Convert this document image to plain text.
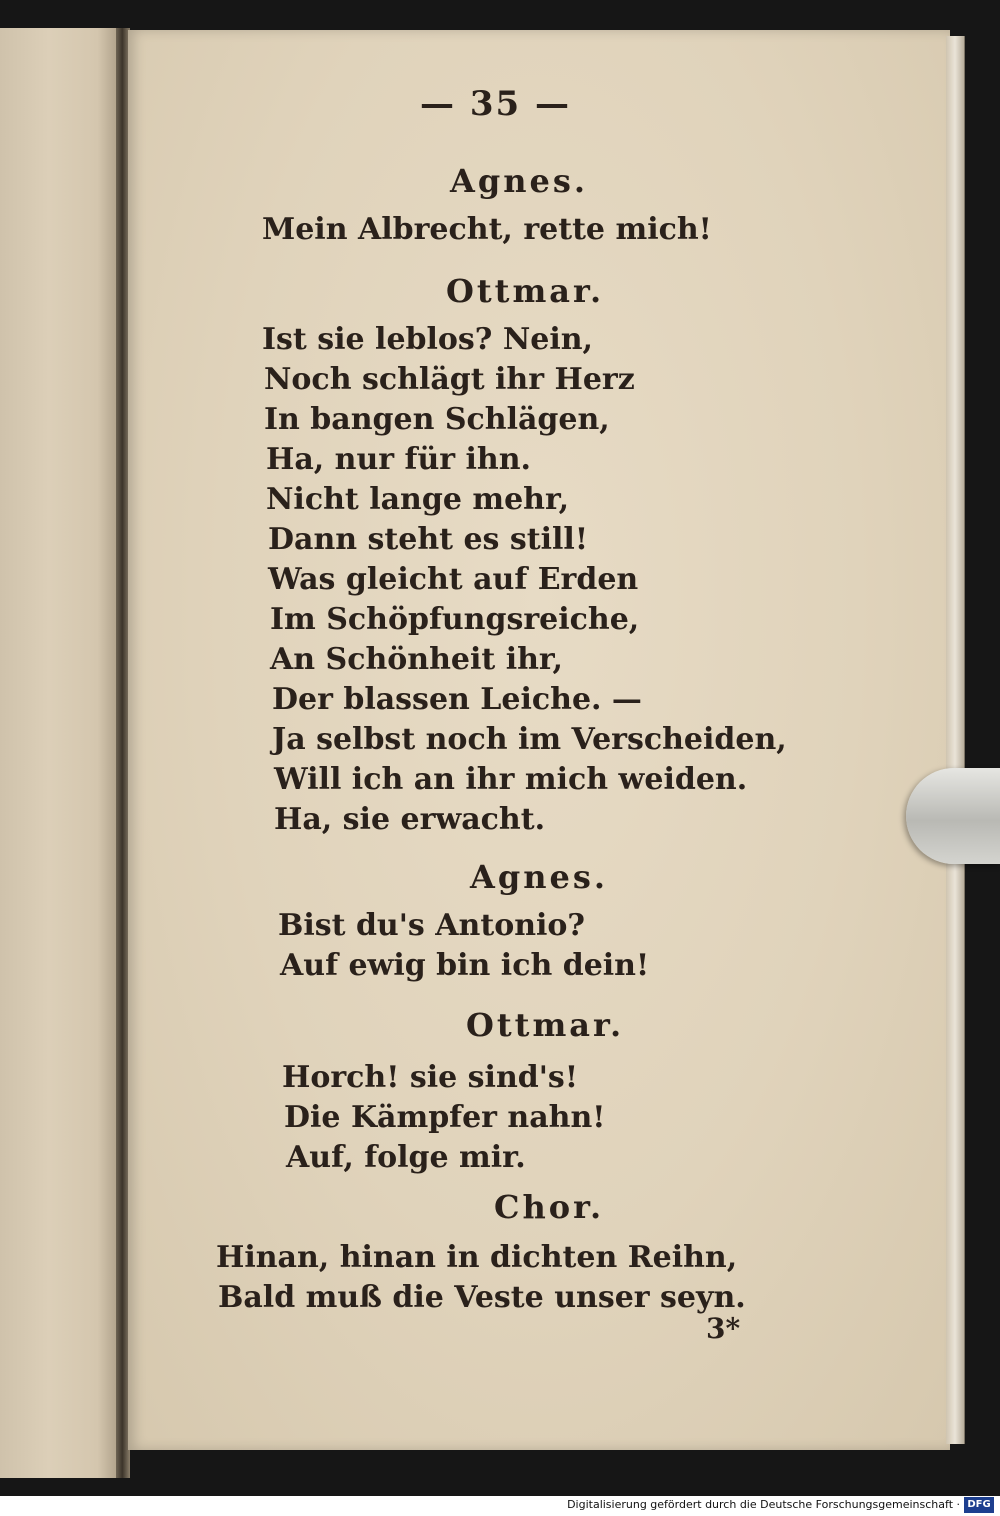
— 35 —
Agnes.
Mein Albrecht, rette mich!
Ottmar.
Ist sie leblos? Nein,
Noch schlägt ihr Herz
In bangen Schlägen,
Ha, nur für ihn.
Nicht lange mehr,
Dann steht es still!
Was gleicht auf Erden
Im Schöpfungsreiche,
An Schönheit ihr,
Der blassen Leiche. —
Ja selbst noch im Verscheiden,
Will ich an ihr mich weiden.
Ha, sie erwacht.
Agnes.
Bist du's Antonio?
Auf ewig bin ich dein!
Ottmar.
Horch! sie sind's!
Die Kämpfer nahn!
Auf, folge mir.
Chor.
Hinan, hinan in dichten Reihn,
Bald muß die Veste unser seyn.
3*
Digitalisierung gefördert durch die Deutsche Forschungsgemeinschaft · DFG
